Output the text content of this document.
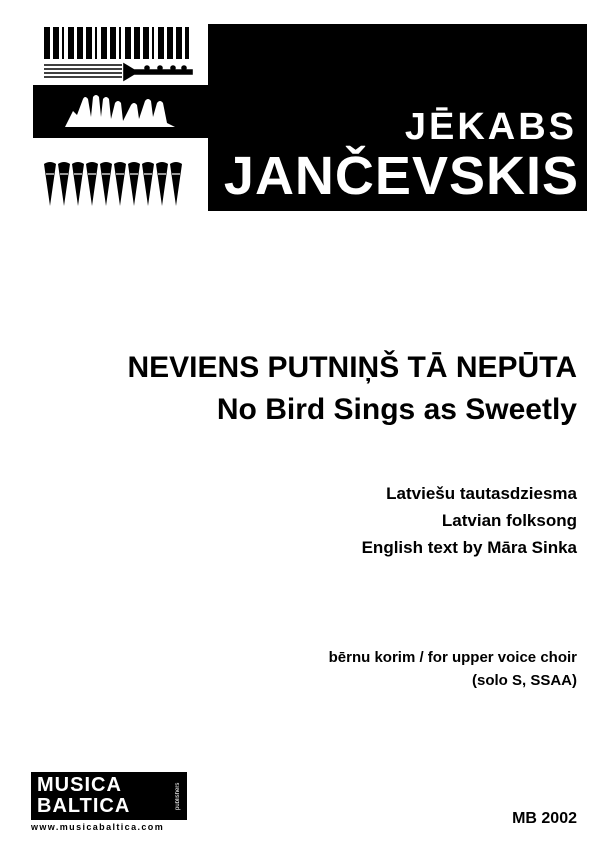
JĒKABS
JANČEVSKIS
NEVIENS PUTNIŅŠ TĀ NEPŪTA
No Bird Sings as Sweetly
Latviešu tautasdziesma
Latvian folksong
English text by Māra Sinka
bērnu korim / for upper voice choir
(solo S, SSAA)
MUSICA
BALTICA	publishers
www.musicabaltica.com	MB 2002
